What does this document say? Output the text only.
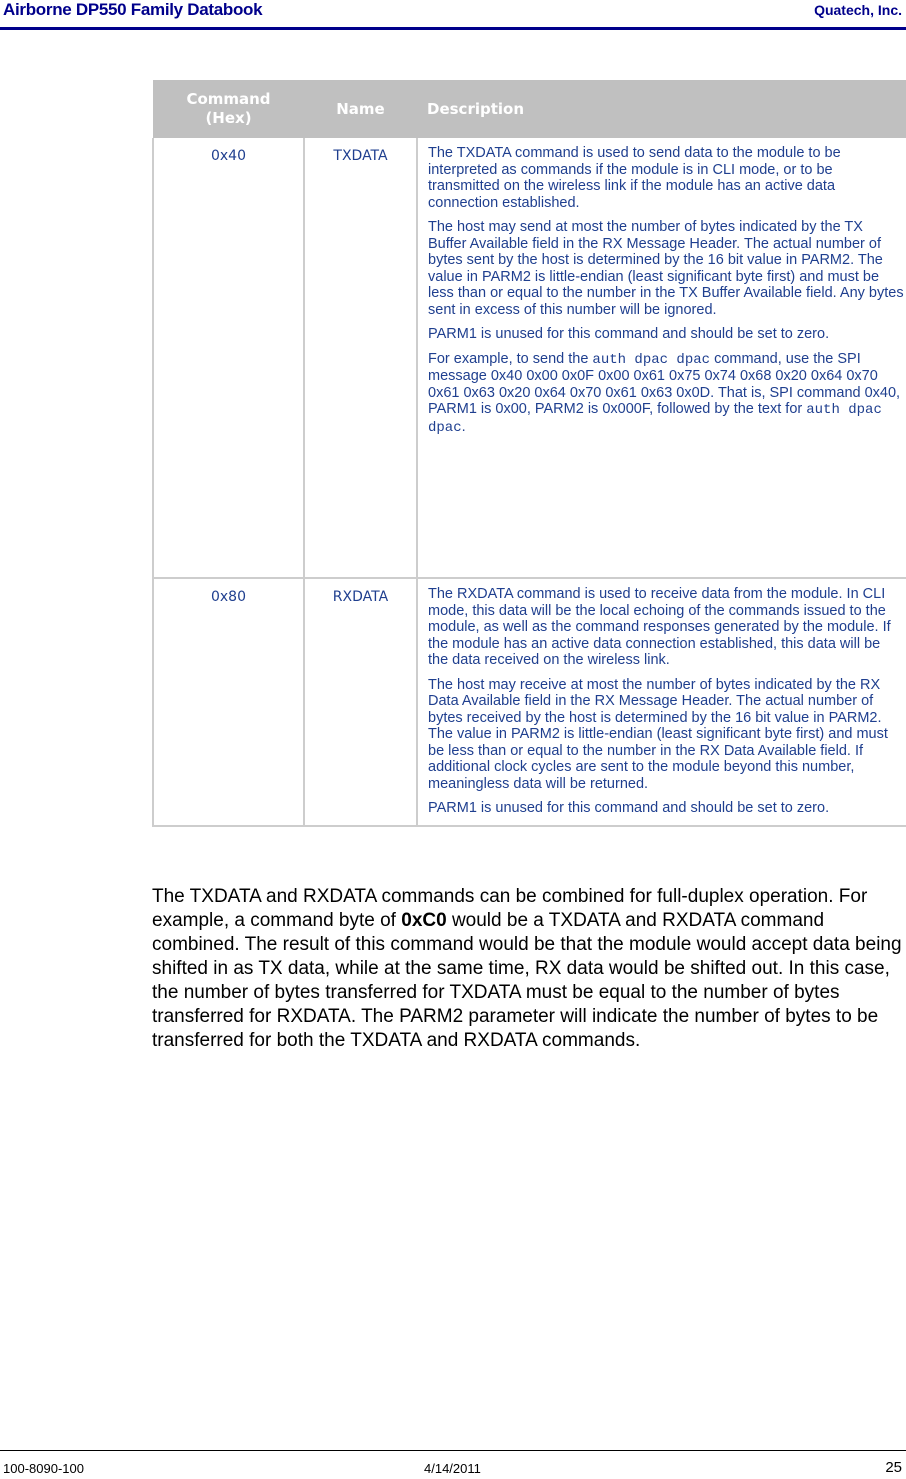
Airborne DP550 Family Databook	Quatech, Inc.
Command (Hex)	Name	Description
0x40	TXDATA	The TXDATA command is used to send data to the module to be interpreted as commands if the module is in CLI mode, or to be transmitted on the wireless link if the module has an active data connection established.

The host may send at most the number of bytes indicated by the TX Buffer Available field in the RX Message Header. The actual number of bytes sent by the host is determined by the 16 bit value in PARM2. The value in PARM2 is little-endian (least significant byte first) and must be less than or equal to the number in the TX Buffer Available field. Any bytes sent in excess of this number will be ignored.

PARM1 is unused for this command and should be set to zero.

For example, to send the auth dpac dpac command, use the SPI message 0x40 0x00 0x0F 0x00 0x61 0x75 0x74 0x68 0x20 0x64 0x70 0x61 0x63 0x20 0x64 0x70 0x61 0x63 0x0D. That is, SPI command 0x40, PARM1 is 0x00, PARM2 is 0x000F, followed by the text for auth dpac dpac.

0x80	RXDATA	The RXDATA command is used to receive data from the module. In CLI mode, this data will be the local echoing of the commands issued to the module, as well as the command responses generated by the module. If the module has an active data connection established, this data will be the data received on the wireless link.

The host may receive at most the number of bytes indicated by the RX Data Available field in the RX Message Header. The actual number of bytes received by the host is determined by the 16 bit value in PARM2. The value in PARM2 is little-endian (least significant byte first) and must be less than or equal to the number in the RX Data Available field. If additional clock cycles are sent to the module beyond this number, meaningless data will be returned.

PARM1 is unused for this command and should be set to zero.

The TXDATA and RXDATA commands can be combined for full-duplex operation. For example, a command byte of 0xC0 would be a TXDATA and RXDATA command combined. The result of this command would be that the module would accept data being shifted in as TX data, while at the same time, RX data would be shifted out. In this case, the number of bytes transferred for TXDATA must be equal to the number of bytes transferred for RXDATA. The PARM2 parameter will indicate the number of bytes to be transferred for both the TXDATA and RXDATA commands.
100-8090-100	4/14/2011	25
